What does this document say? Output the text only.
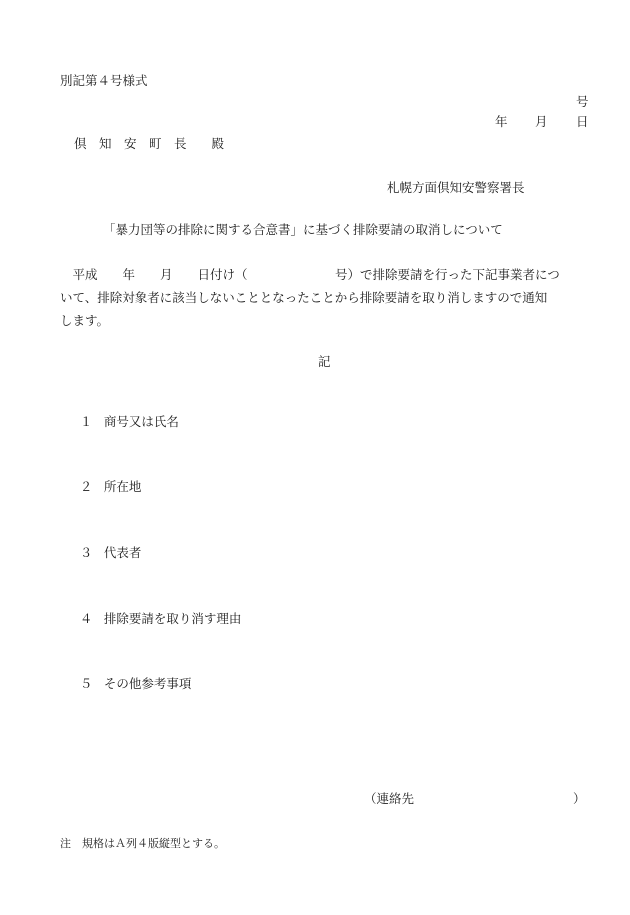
別記第４号様式
号
年 月 日
倶　知　安　町　長　　殿
札幌方面倶知安警察署長
「暴力団等の排除に関する合意書」に基づく排除要請の取消しについて
　平成　　年　　月　　日付け（　　　　　　　号）で排除要請を行った下記事業者につ
いて、排除対象者に該当しないこととなったことから排除要請を取り消しますので通知
します。
記

１ 商号又は氏名

２ 所在地

３ 代表者

４ 排除要請を取り消す理由

５ その他参考事項

（連絡先	）
注　規格はＡ列４版縦型とする。
